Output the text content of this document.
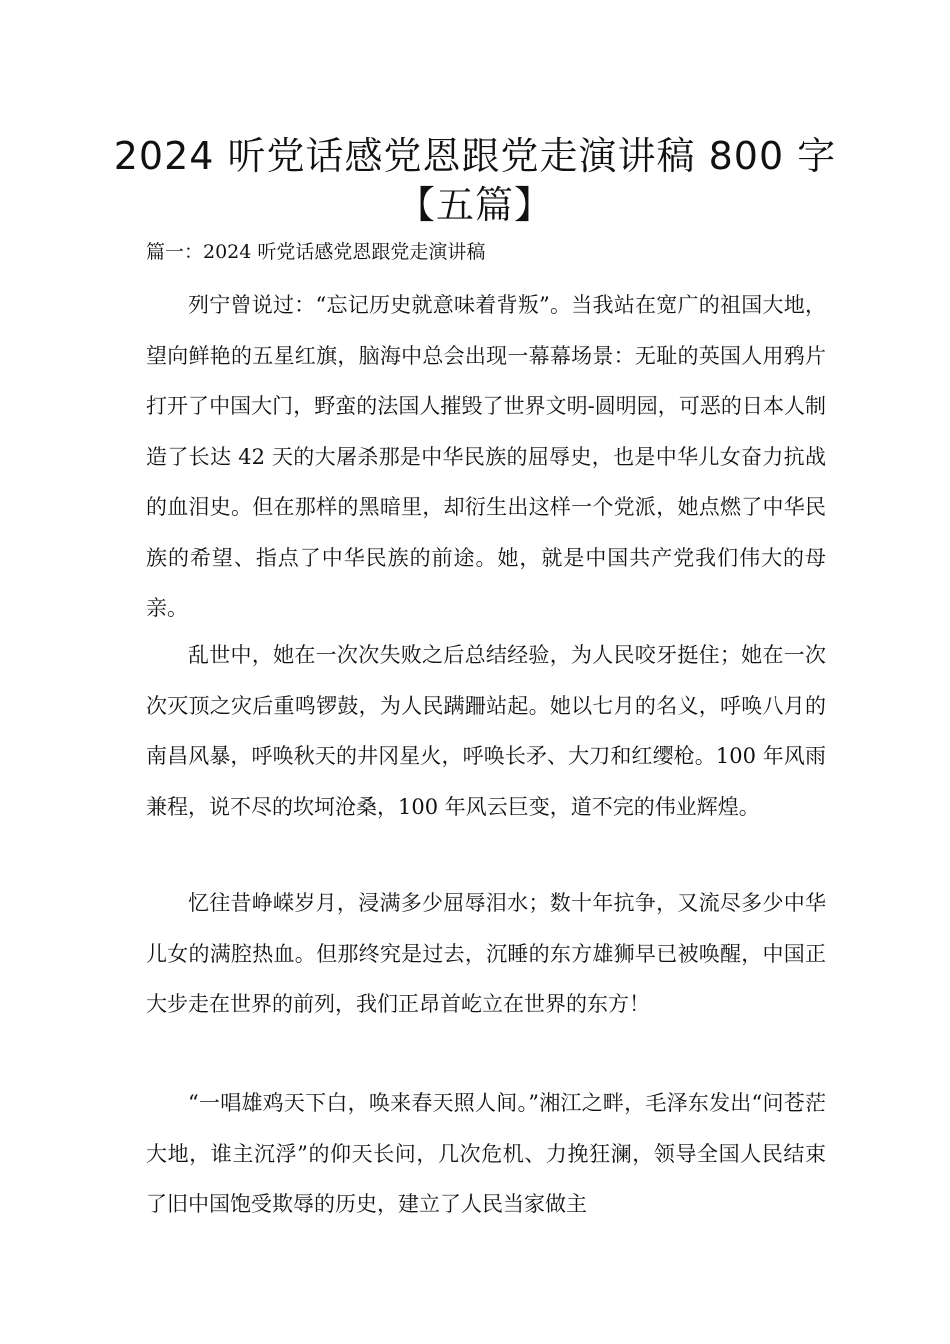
2024 听党话感党恩跟党走演讲稿 800 字
【五篇】
篇一：2024 听党话感党恩跟党走演讲稿

列宁曾说过：“忘记历史就意味着背叛”。当我站在宽广的祖国大地，望向鲜艳的五星红旗，脑海中总会出现一幕幕场景：无耻的英国人用鸦片打开了中国大门，野蛮的法国人摧毁了世界文明-圆明园，可恶的日本人制造了长达 42 天的大屠杀那是中华民族的屈辱史，也是中华儿女奋力抗战的血泪史。但在那样的黑暗里，却衍生出这样一个党派，她点燃了中华民族的希望、指点了中华民族的前途。她，就是中国共产党我们伟大的母亲。

乱世中，她在一次次失败之后总结经验，为人民咬牙挺住；她在一次次灭顶之灾后重鸣锣鼓，为人民蹒跚站起。她以七月的名义，呼唤八月的南昌风暴，呼唤秋天的井冈星火，呼唤长矛、大刀和红缨枪。100 年风雨兼程，说不尽的坎坷沧桑，100 年风云巨变，道不完的伟业辉煌。

忆往昔峥嵘岁月，浸满多少屈辱泪水；数十年抗争，又流尽多少中华儿女的满腔热血。但那终究是过去，沉睡的东方雄狮早已被唤醒，中国正大步走在世界的前列，我们正昂首屹立在世界的东方！

“一唱雄鸡天下白，唤来春天照人间。”湘江之畔，毛泽东发出“问苍茫大地，谁主沉浮”的仰天长问，几次危机、力挽狂澜，领导全国人民结束了旧中国饱受欺辱的历史，建立了人民当家做主
